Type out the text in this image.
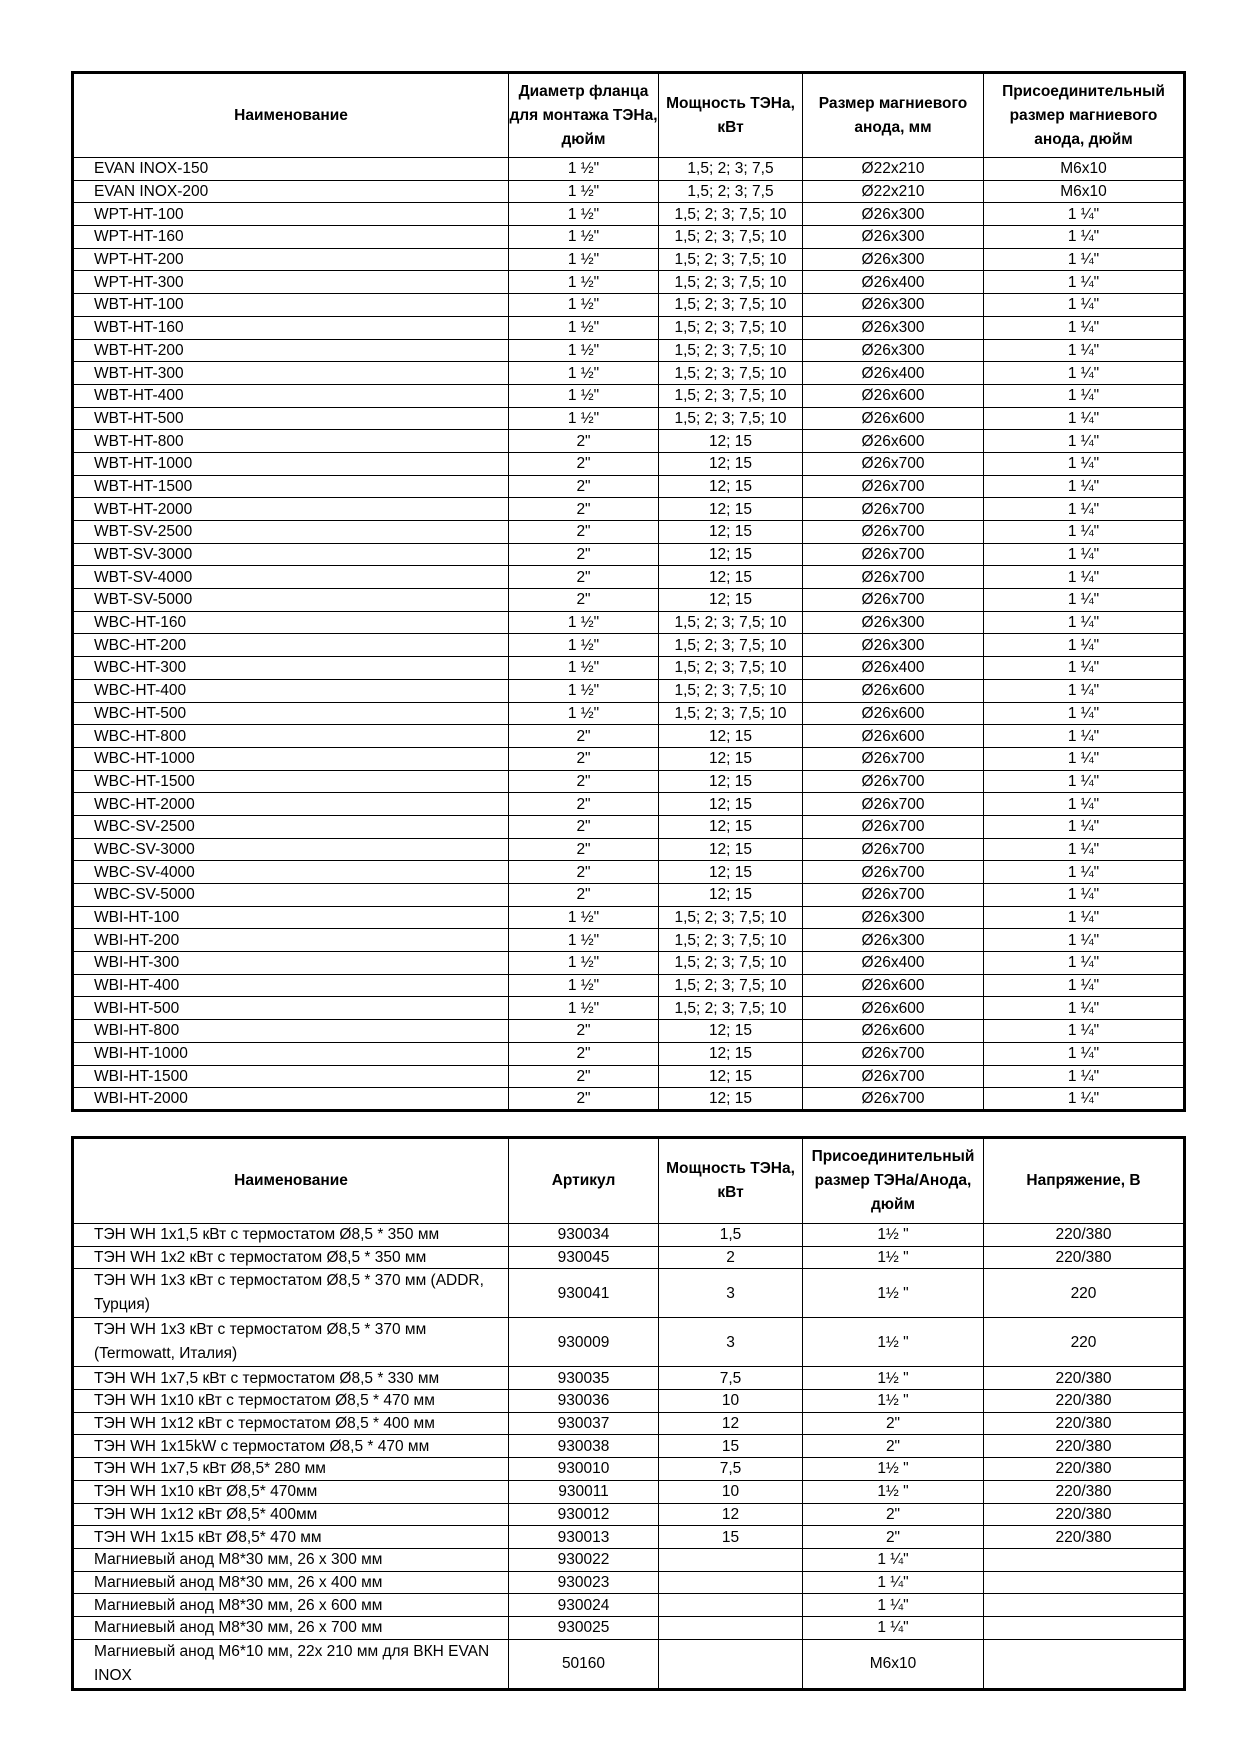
Наименование	Диаметр фланца для монтажа ТЭНа, дюйм	Мощность ТЭНа, кВт	Размер магниевого анода, мм	Присоединительный размер магниевого анода, дюйм
EVAN INOX-150	1 ½"	1,5; 2; 3; 7,5	Ø22x210	M6x10
EVAN INOX-200	1 ½"	1,5; 2; 3; 7,5	Ø22x210	M6x10
WPT-HT-100	1 ½"	1,5; 2; 3; 7,5; 10	Ø26x300	1 ¼"
WPT-HT-160	1 ½"	1,5; 2; 3; 7,5; 10	Ø26x300	1 ¼"
WPT-HT-200	1 ½"	1,5; 2; 3; 7,5; 10	Ø26x300	1 ¼"
WPT-HT-300	1 ½"	1,5; 2; 3; 7,5; 10	Ø26x400	1 ¼"
WBT-HT-100	1 ½"	1,5; 2; 3; 7,5; 10	Ø26x300	1 ¼"
WBT-HT-160	1 ½"	1,5; 2; 3; 7,5; 10	Ø26x300	1 ¼"
WBT-HT-200	1 ½"	1,5; 2; 3; 7,5; 10	Ø26x300	1 ¼"
WBT-HT-300	1 ½"	1,5; 2; 3; 7,5; 10	Ø26x400	1 ¼"
WBT-HT-400	1 ½"	1,5; 2; 3; 7,5; 10	Ø26x600	1 ¼"
WBT-HT-500	1 ½"	1,5; 2; 3; 7,5; 10	Ø26x600	1 ¼"
WBT-HT-800	2"	12; 15	Ø26x600	1 ¼"
WBT-HT-1000	2"	12; 15	Ø26x700	1 ¼"
WBT-HT-1500	2"	12; 15	Ø26x700	1 ¼"
WBT-HT-2000	2"	12; 15	Ø26x700	1 ¼"
WBT-SV-2500	2"	12; 15	Ø26x700	1 ¼"
WBT-SV-3000	2"	12; 15	Ø26x700	1 ¼"
WBT-SV-4000	2"	12; 15	Ø26x700	1 ¼"
WBT-SV-5000	2"	12; 15	Ø26x700	1 ¼"
WBC-HT-160	1 ½"	1,5; 2; 3; 7,5; 10	Ø26x300	1 ¼"
WBC-HT-200	1 ½"	1,5; 2; 3; 7,5; 10	Ø26x300	1 ¼"
WBC-HT-300	1 ½"	1,5; 2; 3; 7,5; 10	Ø26x400	1 ¼"
WBC-HT-400	1 ½"	1,5; 2; 3; 7,5; 10	Ø26x600	1 ¼"
WBC-HT-500	1 ½"	1,5; 2; 3; 7,5; 10	Ø26x600	1 ¼"
WBC-HT-800	2"	12; 15	Ø26x600	1 ¼"
WBC-HT-1000	2"	12; 15	Ø26x700	1 ¼"
WBC-HT-1500	2"	12; 15	Ø26x700	1 ¼"
WBC-HT-2000	2"	12; 15	Ø26x700	1 ¼"
WBC-SV-2500	2"	12; 15	Ø26x700	1 ¼"
WBC-SV-3000	2"	12; 15	Ø26x700	1 ¼"
WBC-SV-4000	2"	12; 15	Ø26x700	1 ¼"
WBC-SV-5000	2"	12; 15	Ø26x700	1 ¼"
WBI-HT-100	1 ½"	1,5; 2; 3; 7,5; 10	Ø26x300	1 ¼"
WBI-HT-200	1 ½"	1,5; 2; 3; 7,5; 10	Ø26x300	1 ¼"
WBI-HT-300	1 ½"	1,5; 2; 3; 7,5; 10	Ø26x400	1 ¼"
WBI-HT-400	1 ½"	1,5; 2; 3; 7,5; 10	Ø26x600	1 ¼"
WBI-HT-500	1 ½"	1,5; 2; 3; 7,5; 10	Ø26x600	1 ¼"
WBI-HT-800	2"	12; 15	Ø26x600	1 ¼"
WBI-HT-1000	2"	12; 15	Ø26x700	1 ¼"
WBI-HT-1500	2"	12; 15	Ø26x700	1 ¼"
WBI-HT-2000	2"	12; 15	Ø26x700	1 ¼"
Наименование	Артикул	Мощность ТЭНа, кВт	Присоединительный размер ТЭНа/Анода, дюйм	Напряжение, В
ТЭН WH 1x1,5 кВт с термостатом Ø8,5 * 350 мм	930034	1,5	1½ "	220/380
ТЭН WH 1x2 кВт с термостатом Ø8,5 * 350 мм	930045	2	1½ "	220/380
ТЭН WH 1x3 кВт с термостатом Ø8,5 * 370 мм (ADDR, Турция)	930041	3	1½ "	220
ТЭН WH 1x3 кВт с термостатом Ø8,5 * 370 мм (Termowatt, Италия)	930009	3	1½ "	220
ТЭН WH 1x7,5 кВт с термостатом Ø8,5 * 330 мм	930035	7,5	1½ "	220/380
ТЭН WH 1x10 кВт с термостатом Ø8,5 * 470 мм	930036	10	1½ "	220/380
ТЭН WH 1x12 кВт с термостатом Ø8,5 * 400 мм	930037	12	2"	220/380
ТЭН WH 1x15kW с термостатом Ø8,5 * 470 мм	930038	15	2"	220/380
ТЭН WH 1x7,5 кВт Ø8,5* 280 мм	930010	7,5	1½ "	220/380
ТЭН WH 1x10 кВт Ø8,5* 470мм	930011	10	1½ "	220/380
ТЭН WH 1x12 кВт Ø8,5* 400мм	930012	12	2"	220/380
ТЭН WH 1x15 кВт Ø8,5* 470 мм	930013	15	2"	220/380
Магниевый анод M8*30 мм, 26 x 300 мм	930022		1 ¼"	
Магниевый анод M8*30 мм, 26 x 400 мм	930023		1 ¼"	
Магниевый анод M8*30 мм, 26 x 600 мм	930024		1 ¼"	
Магниевый анод M8*30 мм, 26 x 700 мм	930025		1 ¼"	
Магниевый анод M6*10 мм, 22x 210 мм для ВКН EVAN INOX	50160		M6x10	
